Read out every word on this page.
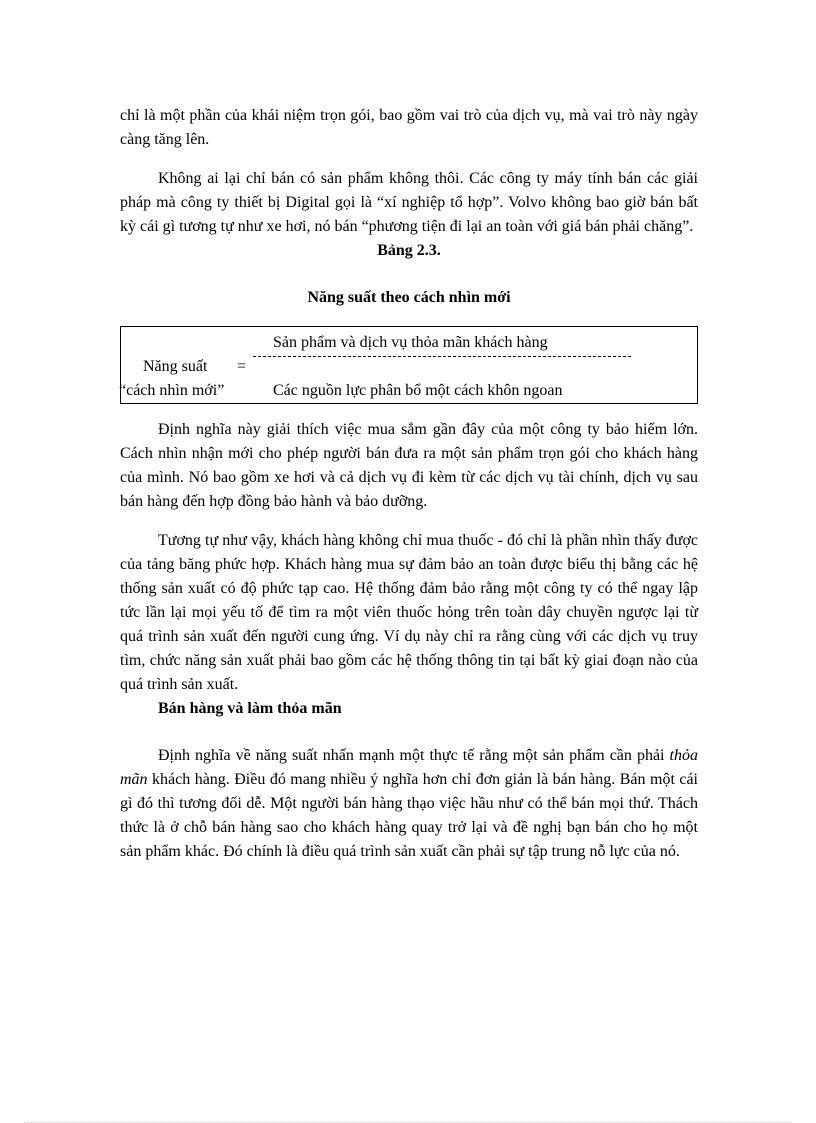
chỉ là một phần của khái niệm trọn gói, bao gồm vai trò của dịch vụ, mà vai trò này ngày càng tăng lên.

Không ai lại chỉ bán có sản phẩm không thôi. Các công ty máy tính bán các giải pháp mà công ty thiết bị Digital gọi là “xí nghiệp tổ hợp”. Volvo không bao giờ bán bất kỳ cái gì tương tự như xe hơi, nó bán “phương tiện đi lại an toàn với giá bán phải chăng”.

Bảng 2.3.

Năng suất theo cách nhìn mới

Sản phẩm và dịch vụ thỏa mãn khách hàng
Năng suất =
“cách nhìn mới”	Các nguồn lực phân bổ một cách khôn ngoan

Định nghĩa này giải thích việc mua sắm gần đây của một công ty bảo hiểm lớn. Cách nhìn nhận mới cho phép người bán đưa ra một sản phẩm trọn gói cho khách hàng của mình. Nó bao gồm xe hơi và cả dịch vụ đi kèm từ các dịch vụ tài chính, dịch vụ sau bán hàng đến hợp đồng bảo hành và bảo dưỡng.

Tương tự như vậy, khách hàng không chỉ mua thuốc - đó chỉ là phần nhìn thấy được của tảng băng phức hợp. Khách hàng mua sự đảm bảo an toàn được biểu thị bằng các hệ thống sản xuất có độ phức tạp cao. Hệ thống đảm bảo rằng một công ty có thể ngay lập tức lần lại mọi yếu tố để tìm ra một viên thuốc hỏng trên toàn dây chuyền ngược lại từ quá trình sản xuất đến người cung ứng. Ví dụ này chỉ ra rằng cùng với các dịch vụ truy tìm, chức năng sản xuất phải bao gồm các hệ thống thông tin tại bất kỳ giai đoạn nào của quá trình sản xuất.

Bán hàng và làm thỏa mãn

Định nghĩa về năng suất nhấn mạnh một thực tế rằng một sản phẩm cần phải thỏa mãn khách hàng. Điều đó mang nhiều ý nghĩa hơn chỉ đơn giản là bán hàng. Bán một cái gì đó thì tương đối dễ. Một người bán hàng thạo việc hầu như có thể bán mọi thứ. Thách thức là ở chỗ bán hàng sao cho khách hàng quay trở lại và đề nghị bạn bán cho họ một sản phẩm khác. Đó chính là điều quá trình sản xuất cần phải sự tập trung nỗ lực của nó.
